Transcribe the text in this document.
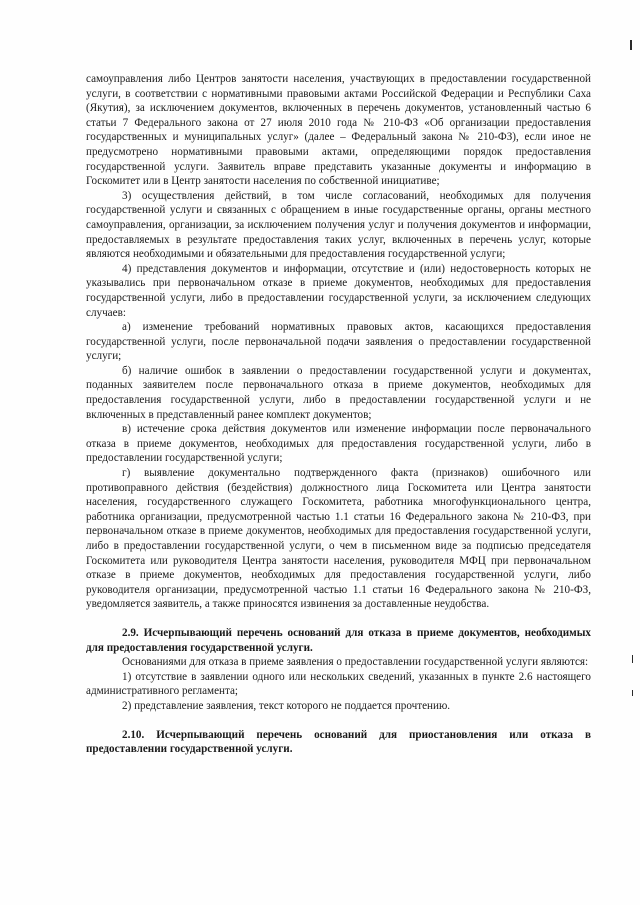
самоуправления либо Центров занятости населения, участвующих в предоставлении государственной услуги, в соответствии с нормативными правовыми актами Российской Федерации и Республики Саха (Якутия), за исключением документов, включенных в перечень документов, установленный частью 6 статьи 7 Федерального закона от 27 июля 2010 года № 210-ФЗ «Об организации предоставления государственных и муниципальных услуг» (далее – Федеральный закона № 210-ФЗ), если иное не предусмотрено нормативными правовыми актами, определяющими порядок предоставления государственной услуги. Заявитель вправе представить указанные документы и информацию в Госкомитет или в Центр занятости населения по собственной инициативе;

3) осуществления действий, в том числе согласований, необходимых для получения государственной услуги и связанных с обращением в иные государственные органы, органы местного самоуправления, организации, за исключением получения услуг и получения документов и информации, предоставляемых в результате предоставления таких услуг, включенных в перечень услуг, которые являются необходимыми и обязательными для предоставления государственной услуги;

4) представления документов и информации, отсутствие и (или) недостоверность которых не указывались при первоначальном отказе в приеме документов, необходимых для предоставления государственной услуги, либо в предоставлении государственной услуги, за исключением следующих случаев:

а) изменение требований нормативных правовых актов, касающихся предоставления государственной услуги, после первоначальной подачи заявления о предоставлении государственной услуги;

б) наличие ошибок в заявлении о предоставлении государственной услуги и документах, поданных заявителем после первоначального отказа в приеме документов, необходимых для предоставления государственной услуги, либо в предоставлении государственной услуги и не включенных в представленный ранее комплект документов;

в) истечение срока действия документов или изменение информации после первоначального отказа в приеме документов, необходимых для предоставления государственной услуги, либо в предоставлении государственной услуги;

г) выявление документально подтвержденного факта (признаков) ошибочного или противоправного действия (бездействия) должностного лица Госкомитета или Центра занятости населения, государственного служащего Госкомитета, работника многофункционального центра, работника организации, предусмотренной частью 1.1 статьи 16 Федерального закона № 210-ФЗ, при первоначальном отказе в приеме документов, необходимых для предоставления государственной услуги, либо в предоставлении государственной услуги, о чем в письменном виде за подписью председателя Госкомитета или руководителя Центра занятости населения, руководителя МФЦ при первоначальном отказе в приеме документов, необходимых для предоставления государственной услуги, либо руководителя организации, предусмотренной частью 1.1 статьи 16 Федерального закона № 210-ФЗ, уведомляется заявитель, а также приносятся извинения за доставленные неудобства.

2.9. Исчерпывающий перечень оснований для отказа в приеме документов, необходимых для предоставления государственной услуги.

Основаниями для отказа в приеме заявления о предоставлении государственной услуги являются:

1) отсутствие в заявлении одного или нескольких сведений, указанных в пункте 2.6 настоящего административного регламента;

2) представление заявления, текст которого не поддается прочтению.

2.10. Исчерпывающий перечень оснований для приостановления или отказа в предоставлении государственной услуги.
